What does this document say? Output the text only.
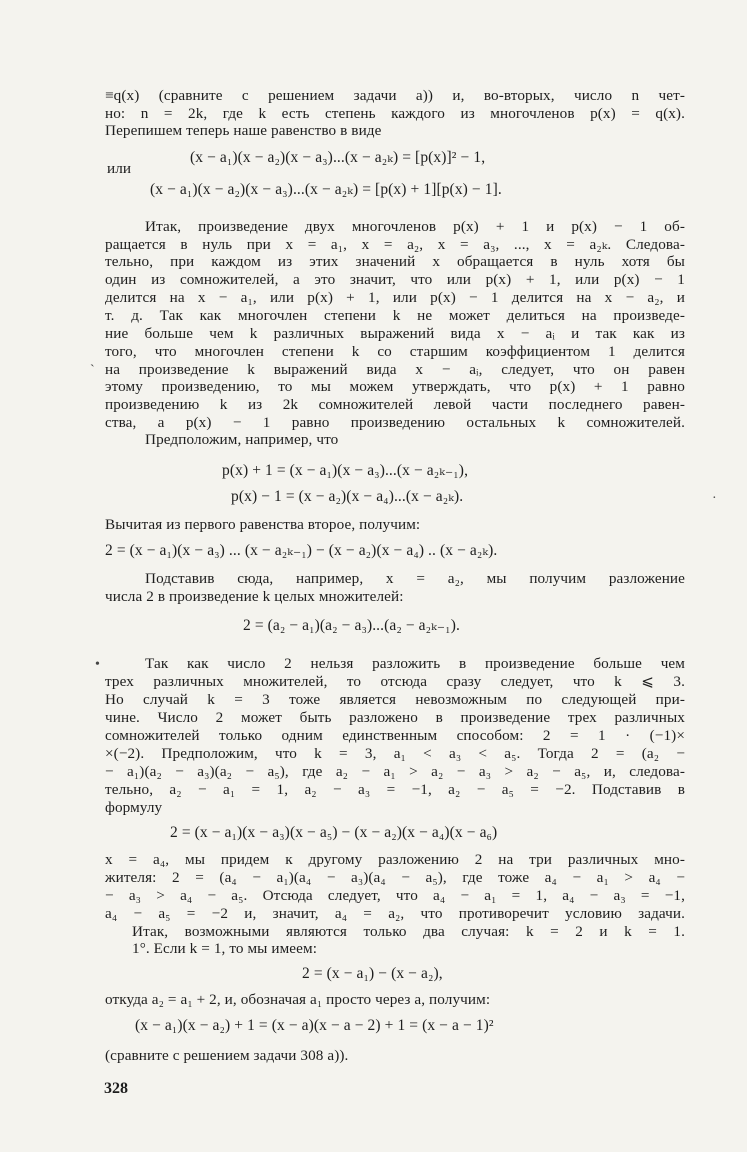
≡q(x) (сравните с решением задачи а)) и, во-вторых, число n чет-
но: n = 2k, где k есть степень каждого из многочленов p(x) = q(x).
Перепишем теперь наше равенство в виде
(x − a₁)(x − a₂)(x − a₃)...(x − a₂ₖ) = [p(x)]² − 1,
или
(x − a₁)(x − a₂)(x − a₃)...(x − a₂ₖ) = [p(x) + 1][p(x) − 1].
Итак, произведение двух многочленов p(x) + 1 и p(x) − 1 об-
ращается в нуль при x = a₁, x = a₂, x = a₃, ..., x = a₂ₖ. Следова-
тельно, при каждом из этих значений x обращается в нуль хотя бы
один из сомножителей, а это значит, что или p(x) + 1, или p(x) − 1
делится на x − a₁, или p(x) + 1, или p(x) − 1 делится на x − a₂, и
т. д. Так как многочлен степени k не может делиться на произведе-
ние больше чем k различных выражений вида x − aᵢ и так как из
того, что многочлен степени k со старшим коэффициентом 1 делится
на произведение k выражений вида x − aᵢ, следует, что он равен
этому произведению, то мы можем утверждать, что p(x) + 1 равно
произведению k из 2k сомножителей левой части последнего равен-
ства, а p(x) − 1 равно произведению остальных k сомножителей.
Предположим, например, что
p(x) + 1 = (x − a₁)(x − a₃)...(x − a₂ₖ₋₁),
p(x) − 1 = (x − a₂)(x − a₄)...(x − a₂ₖ).
Вычитая из первого равенства второе, получим:
2 = (x − a₁)(x − a₃) ... (x − a₂ₖ₋₁) − (x − a₂)(x − a₄) .. (x − a₂ₖ).
Подставив сюда, например, x = a₂, мы получим разложение
числа 2 в произведение k целых множителей:
2 = (a₂ − a₁)(a₂ − a₃)...(a₂ − a₂ₖ₋₁).
Так как число 2 нельзя разложить в произведение больше чем
трех различных множителей, то отсюда сразу следует, что k ⩽ 3.
Но случай k = 3 тоже является невозможным по следующей при-
чине. Число 2 может быть разложено в произведение трех различных
сомножителей только одним единственным способом: 2 = 1 · (−1)×
×(−2). Предположим, что k = 3, a₁ < a₃ < a₅. Тогда 2 = (a₂ −
− a₁)(a₂ − a₃)(a₂ − a₅), где a₂ − a₁ > a₂ − a₃ > a₂ − a₅, и, следова-
тельно, a₂ − a₁ = 1, a₂ − a₃ = −1, a₂ − a₅ = −2. Подставив в
формулу
2 = (x − a₁)(x − a₃)(x − a₅) − (x − a₂)(x − a₄)(x − a₆)
x = a₄, мы придем к другому разложению 2 на три различных мно-
жителя: 2 = (a₄ − a₁)(a₄ − a₃)(a₄ − a₅), где тоже a₄ − a₁ > a₄ −
− a₃ > a₄ − a₅. Отсюда следует, что a₄ − a₁ = 1, a₄ − a₃ = −1,
a₄ − a₅ = −2 и, значит, a₄ = a₂, что противоречит условию задачи.
Итак, возможными являются только два случая: k = 2 и k = 1.
1°. Если k = 1, то мы имеем:
2 = (x − a₁) − (x − a₂),
откуда a₂ = a₁ + 2, и, обозначая a₁ просто через a, получим:
(x − a₁)(x − a₂) + 1 = (x − a)(x − a − 2) + 1 = (x − a − 1)²
(сравните с решением задачи 308 а)).
328
`
•
·
